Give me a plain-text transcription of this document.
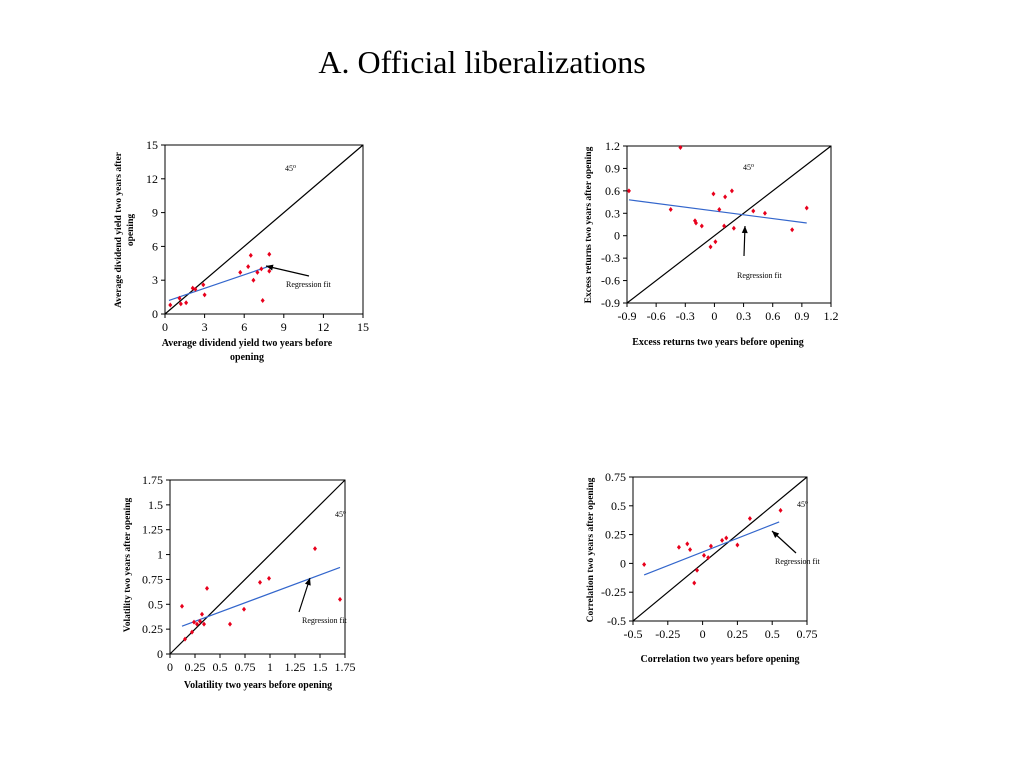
A. Official liberalizations
0	3	6	9	12 15
0
3
6
9
12
15
45$^o$
Regression fit
Average dividend yield two years before
opening
Average dividend yield two years after opening
-0.9 -0.6 -0.3 0 0.3 0.6 0.9 1.2
-0.9
-0.6
-0.3
0
0.3
0.6
0.9
1.2
45$^o$
Regression fit
Excess returns two years before opening
Excess returns two years after opening
0 0.25 0.5 0.75 1 1.25 1.5 1.75
0
0.25
0.5
0.75
1
1.25
1.5
1.75
45$^o$
Regression fit
Volatility two years before opening
Volatility two years after opening
-0.5 -0.25 0 0.25 0.5 0.75
-0.5
-0.25
0
0.25
0.5
0.75
45$^o$
Regression fit
Correlation two years before opening
Correlation two years after opening
